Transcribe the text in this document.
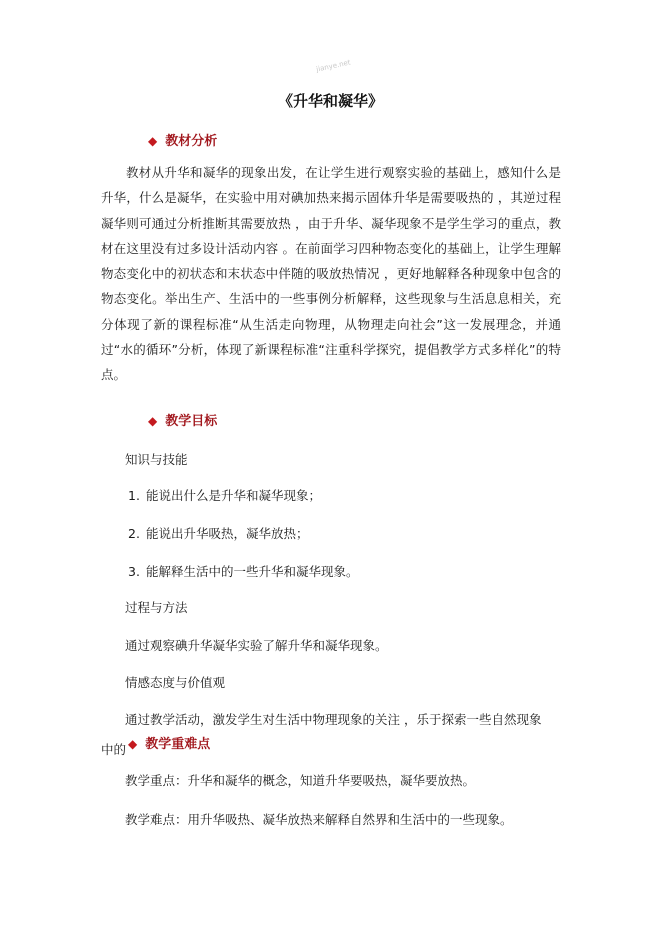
jianye.net
《升华和凝华》
◆ 教材分析

教材从升华和凝华的现象出发，在让学生进行观察实验的基础上，感知什么是升华，什么是凝华，在实验中用对碘加热来揭示固体升华是需要吸热的 ，其逆过程凝华则可通过分析推断其需要放热 ，由于升华、凝华现象不是学生学习的重点，教材在这里没有过多设计活动内容 。在前面学习四种物态变化的基础上，让学生理解物态变化中的初状态和末状态中伴随的吸放热情况 ，更好地解释各种现象中包含的物态变化。举出生产、生活中的一些事例分析解释，这些现象与生活息息相关，充分体现了新的课程标准“从生活走向物理，从物理走向社会”这一发展理念，并通过“水的循环”分析，体现了新课程标准“注重科学探究，提倡教学方式多样化”的特点。

◆ 教学目标
知识与技能
1. 能说出什么是升华和凝华现象；
2. 能说出升华吸热，凝华放热；
3. 能解释生活中的一些升华和凝华现象。
过程与方法
通过观察碘升华凝华实验了解升华和凝华现象。
情感态度与价值观
通过教学活动，激发学生对生活中物理现象的关注 ，乐于探索一些自然现象
中的 ◆ 教学重难点
教学重点：升华和凝华的概念，知道升华要吸热，凝华要放热。
教学难点：用升华吸热、凝华放热来解释自然界和生活中的一些现象。
